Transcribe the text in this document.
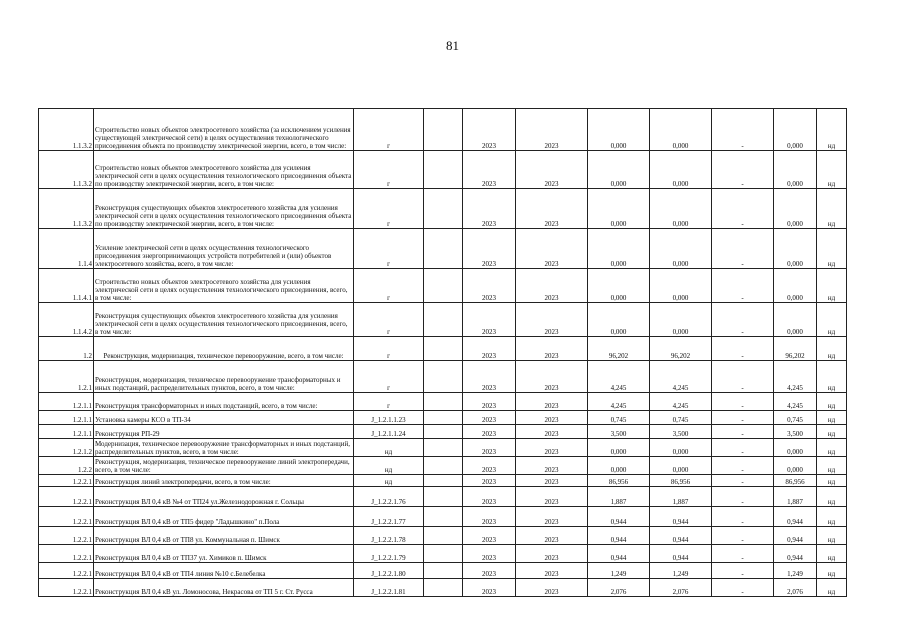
81
1.1.3.2	Строительство новых объектов электросетевого хозяйства (за исключением усиления существующей электрической сети) в целях осуществления технологического присоединения объекта по производству электрической энергии, всего, в том числе:	г		2023	2023	0,000	0,000	-	0,000	нд	
1.1.3.2	Строительство новых объектов электросетевого хозяйства для усиления электрической сети в целях осуществления технологического присоединения объекта по производству электрической энергии, всего, в том числе:	г		2023	2023	0,000	0,000	-	0,000	нд	
1.1.3.2	Реконструкция существующих объектов электросетевого хозяйства для усиления электрической сети в целях осуществления технологического присоединения объекта по производству электрической энергии, всего, в том числе:	г		2023	2023	0,000	0,000	-	0,000	нд	
1.1.4	Усиление электрической сети в целях осуществления технологического присоединения энергопринимающих устройств потребителей и (или) объектов электросетевого хозяйства, всего, в том числе:	г		2023	2023	0,000	0,000	-	0,000	нд	
1.1.4.1	Строительство новых объектов электросетевого хозяйства для усиления электрической сети в целях осуществления технологического присоединения, всего, в том числе:	г		2023	2023	0,000	0,000	-	0,000	нд	
1.1.4.2	Реконструкция существующих объектов электросетевого хозяйства для усиления электрической сети в целях осуществления технологического присоединения, всего, в том числе:	г		2023	2023	0,000	0,000	-	0,000	нд	
1.2	Реконструкция, модернизация, техническое перевооружение, всего, в том числе:	г		2023	2023	96,202	96,202	-	96,202	нд	
1.2.1	Реконструкция, модернизация, техническое перевооружение трансформаторных и иных подстанций, распределительных пунктов, всего, в том числе:	г		2023	2023	4,245	4,245	-	4,245	нд	
1.2.1.1	Реконструкция трансформаторных и иных подстанций, всего, в том числе:	г		2023	2023	4,245	4,245	-	4,245	нд	
1.2.1.1	Установка камеры КСО в ТП-34	J_1.2.1.1.23		2023	2023	0,745	0,745	-	0,745	нд	
1.2.1.1	Реконструкция РП-29	J_1.2.1.1.24		2023	2023	3,500	3,500	-	3,500	нд	
1.2.1.2	Модернизация, техническое перевооружение трансформаторных и иных подстанций, распределительных пунктов, всего, в том числе:	нд		2023	2023	0,000	0,000	-	0,000	нд	
1.2.2	Реконструкция, модернизация, техническое перевооружение линий электропередачи, всего, в том числе:	нд		2023	2023	0,000	0,000	-	0,000	нд	
1.2.2.1	Реконструкция линий электропередачи, всего, в том числе:	нд		2023	2023	86,956	86,956	-	86,956	нд	
1.2.2.1	Реконструкция ВЛ 0,4 кВ №4 от ТП24 ул.Железнодорожная г. Сольцы	J_1.2.2.1.76		2023	2023	1,887	1,887	-	1,887	нд	
1.2.2.1	Реконструкция ВЛ 0,4 кВ от ТП5 фидер "Ладышкино" п.Пола	J_1.2.2.1.77		2023	2023	0,944	0,944	-	0,944	нд	
1.2.2.1	Реконструкция ВЛ 0,4 кВ от ТП8 ул. Коммунальная п. Шимск	J_1.2.2.1.78		2023	2023	0,944	0,944	-	0,944	нд	
1.2.2.1	Реконструкция ВЛ 0,4 кВ от ТП37 ул. Химиков п. Шимск	J_1.2.2.1.79		2023	2023	0,944	0,944	-	0,944	нд	
1.2.2.1	Реконструкция ВЛ 0,4 кВ от ТП4 линия №10 с.Белебелка	J_1.2.2.1.80		2023	2023	1,249	1,249	-	1,249	нд	
1.2.2.1	Реконструкция ВЛ 0,4 кВ ул. Ломоносова, Некрасова от ТП 5 г. Ст. Русса	J_1.2.2.1.81		2023	2023	2,076	2,076	-	2,076	нд	
